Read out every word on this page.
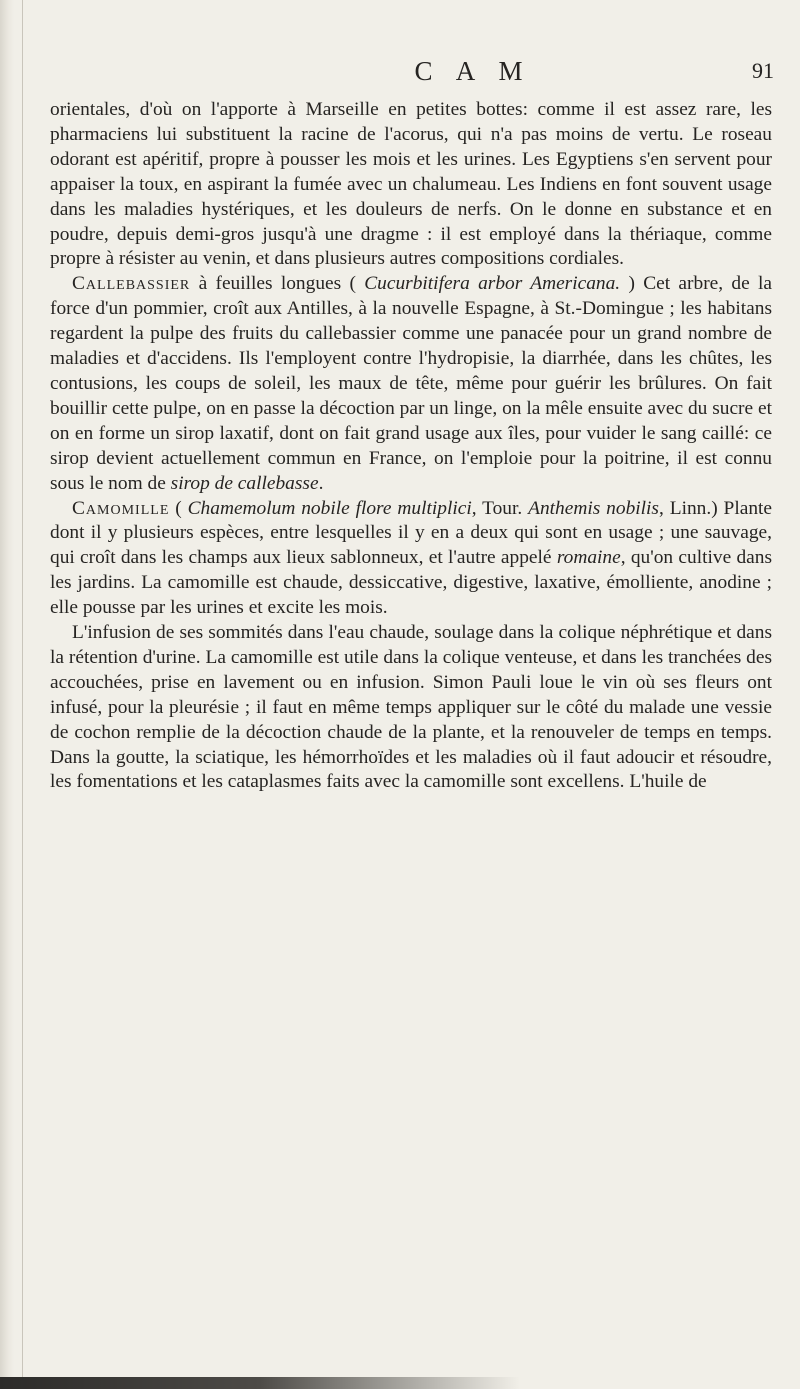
C A M	91

orientales, d'où on l'apporte à Marseille en petites bottes: comme il est assez rare, les pharmaciens lui substituent la racine de l'acorus, qui n'a pas moins de vertu. Le roseau odorant est apéritif, propre à pousser les mois et les urines. Les Egyptiens s'en servent pour appaiser la toux, en aspirant la fumée avec un chalumeau. Les Indiens en font souvent usage dans les maladies hystériques, et les douleurs de nerfs. On le donne en substance et en poudre, depuis demi-gros jusqu'à une dragme : il est employé dans la thériaque, comme propre à résister au venin, et dans plusieurs autres compositions cordiales.

Callebassier à feuilles longues ( Cucurbitifera arbor Americana. ) Cet arbre, de la force d'un pommier, croît aux Antilles, à la nouvelle Espagne, à St.-Domingue ; les habitans regardent la pulpe des fruits du callebassier comme une panacée pour un grand nombre de maladies et d'accidens. Ils l'employent contre l'hydropisie, la diarrhée, dans les chûtes, les contusions, les coups de soleil, les maux de tête, même pour guérir les brûlures. On fait bouillir cette pulpe, on en passe la décoction par un linge, on la mêle ensuite avec du sucre et on en forme un sirop laxatif, dont on fait grand usage aux îles, pour vuider le sang caillé: ce sirop devient actuellement commun en France, on l'emploie pour la poitrine, il est connu sous le nom de sirop de callebasse.

Camomille ( Chamemolum nobile flore multiplici, Tour. Anthemis nobilis, Linn.) Plante dont il y plusieurs espèces, entre lesquelles il y en a deux qui sont en usage ; une sauvage, qui croît dans les champs aux lieux sablonneux, et l'autre appelé romaine, qu'on cultive dans les jardins. La camomille est chaude, dessiccative, digestive, laxative, émolliente, anodine ; elle pousse par les urines et excite les mois.

L'infusion de ses sommités dans l'eau chaude, soulage dans la colique néphrétique et dans la rétention d'urine. La camomille est utile dans la colique venteuse, et dans les tranchées des accouchées, prise en lavement ou en infusion. Simon Pauli loue le vin où ses fleurs ont infusé, pour la pleurésie ; il faut en même temps appliquer sur le côté du malade une vessie de cochon remplie de la décoction chaude de la plante, et la renouveler de temps en temps. Dans la goutte, la sciatique, les hémorrhoïdes et les maladies où il faut adoucir et résoudre, les fomentations et les cataplasmes faits avec la camomille sont excellens. L'huile de
